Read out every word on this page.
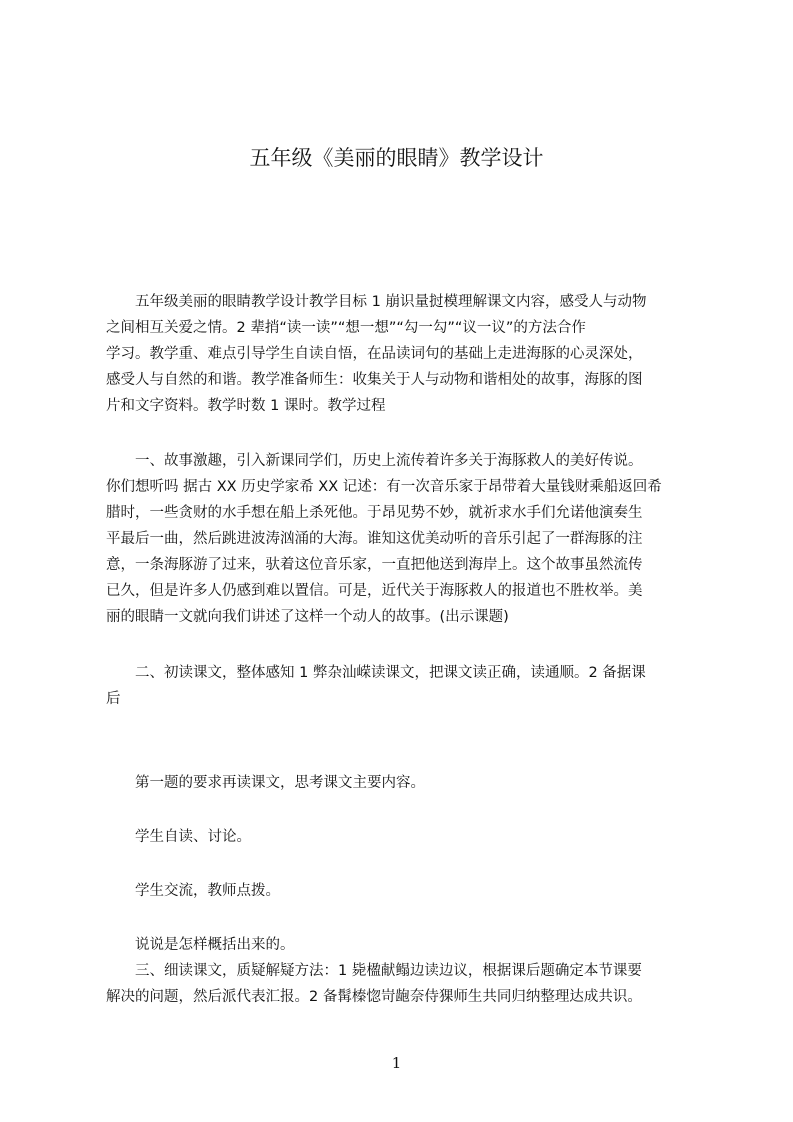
五年级《美丽的眼睛》教学设计
　　五年级美丽的眼睛教学设计教学目标 1 崩识量挝模理解课文内容，感受人与动物
之间相互关爱之情。2 辈捎“读一读”“想一想”“勾一勾”“议一议”的方法合作
学习。教学重、难点引导学生自读自悟，在品读词句的基础上走进海豚的心灵深处，
感受人与自然的和谐。教学准备师生：收集关于人与动物和谐相处的故事，海豚的图
片和文字资料。教学时数 1 课时。教学过程
　　一、故事激趣，引入新课同学们，历史上流传着许多关于海豚救人的美好传说。
你们想听吗 据古 XX 历史学家希 XX 记述：有一次音乐家于昂带着大量钱财乘船返回希
腊时，一些贪财的水手想在船上杀死他。于昂见势不妙，就祈求水手们允诺他演奏生
平最后一曲，然后跳进波涛汹涌的大海。谁知这优美动听的音乐引起了一群海豚的注
意，一条海豚游了过来，驮着这位音乐家，一直把他送到海岸上。这个故事虽然流传
已久，但是许多人仍感到难以置信。可是，近代关于海豚救人的报道也不胜枚举。美
丽的眼睛一文就向我们讲述了这样一个动人的故事。(出示课题)
　　二、初读课文，整体感知 1 弊杂汕嵘读课文，把课文读正确，读通顺。2 备据课
后
　　第一题的要求再读课文，思考课文主要内容。
　　学生自读、讨论。
　　学生交流，教师点拨。
　　说说是怎样概括出来的。
　　三、细读课文，质疑解疑方法：1 毙楹献鳎边读边议，根据课后题确定本节课要
解决的问题，然后派代表汇报。2 备髯榛惚岢龅奈侍猓师生共同归纳整理达成共识。
1
